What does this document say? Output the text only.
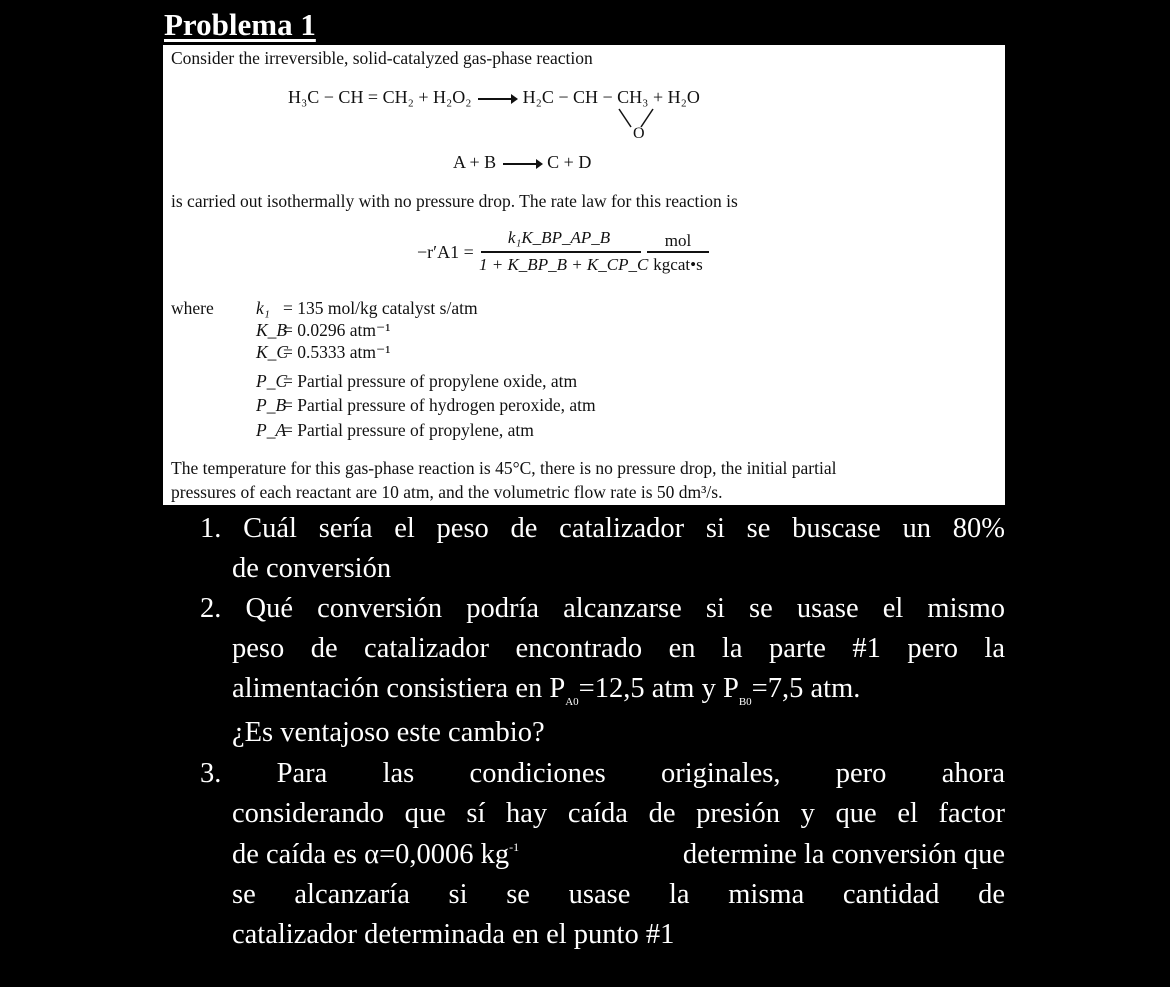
Problema 1
Consider the irreversible, solid-catalyzed gas-phase reaction
H₃C − CH = CH₂ + H₂O₂ → H₂C − CH − CH₃ + H₂O
O
A + B	C + D
is carried out isothermally with no pressure drop. The rate law for this reaction is
−r′A1 =
k₁K_BP_AP_B
1 + K_BP_B + K_CP_C
mol
kgcat•s
where k₁ = 135 mol/kg catalyst s/atm
K_B
= 0.0296 atm⁻¹
K_C
= 0.5333 atm⁻¹
P_C
= Partial pressure of propylene oxide, atm
P_B
= Partial pressure of hydrogen peroxide, atm
P_A
= Partial pressure of propylene, atm
The temperature for this gas-phase reaction is 45°C, there is no pressure drop, the initial partial
pressures of each reactant are 10 atm, and the volumetric flow rate is 50 dm³/s.
1. Cuál sería el peso de catalizador si se buscase un 80%
de conversión
2. Qué conversión podría alcanzarse si se usase el mismo
peso de catalizador encontrado en la parte #1 pero la
alimentación consistiera en $P_{A0}=12,5$ atm y $P_{B0}=7,5$ atm.
¿Es ventajoso este cambio?
3. Para las condiciones originales, pero ahora
considerando que sí hay caída de presión y que el factor
de caída es α=0,0006 $kg^{-1}$	determine la conversión que
se alcanzaría si se usase la misma cantidad de
catalizador determinada en el punto #1
